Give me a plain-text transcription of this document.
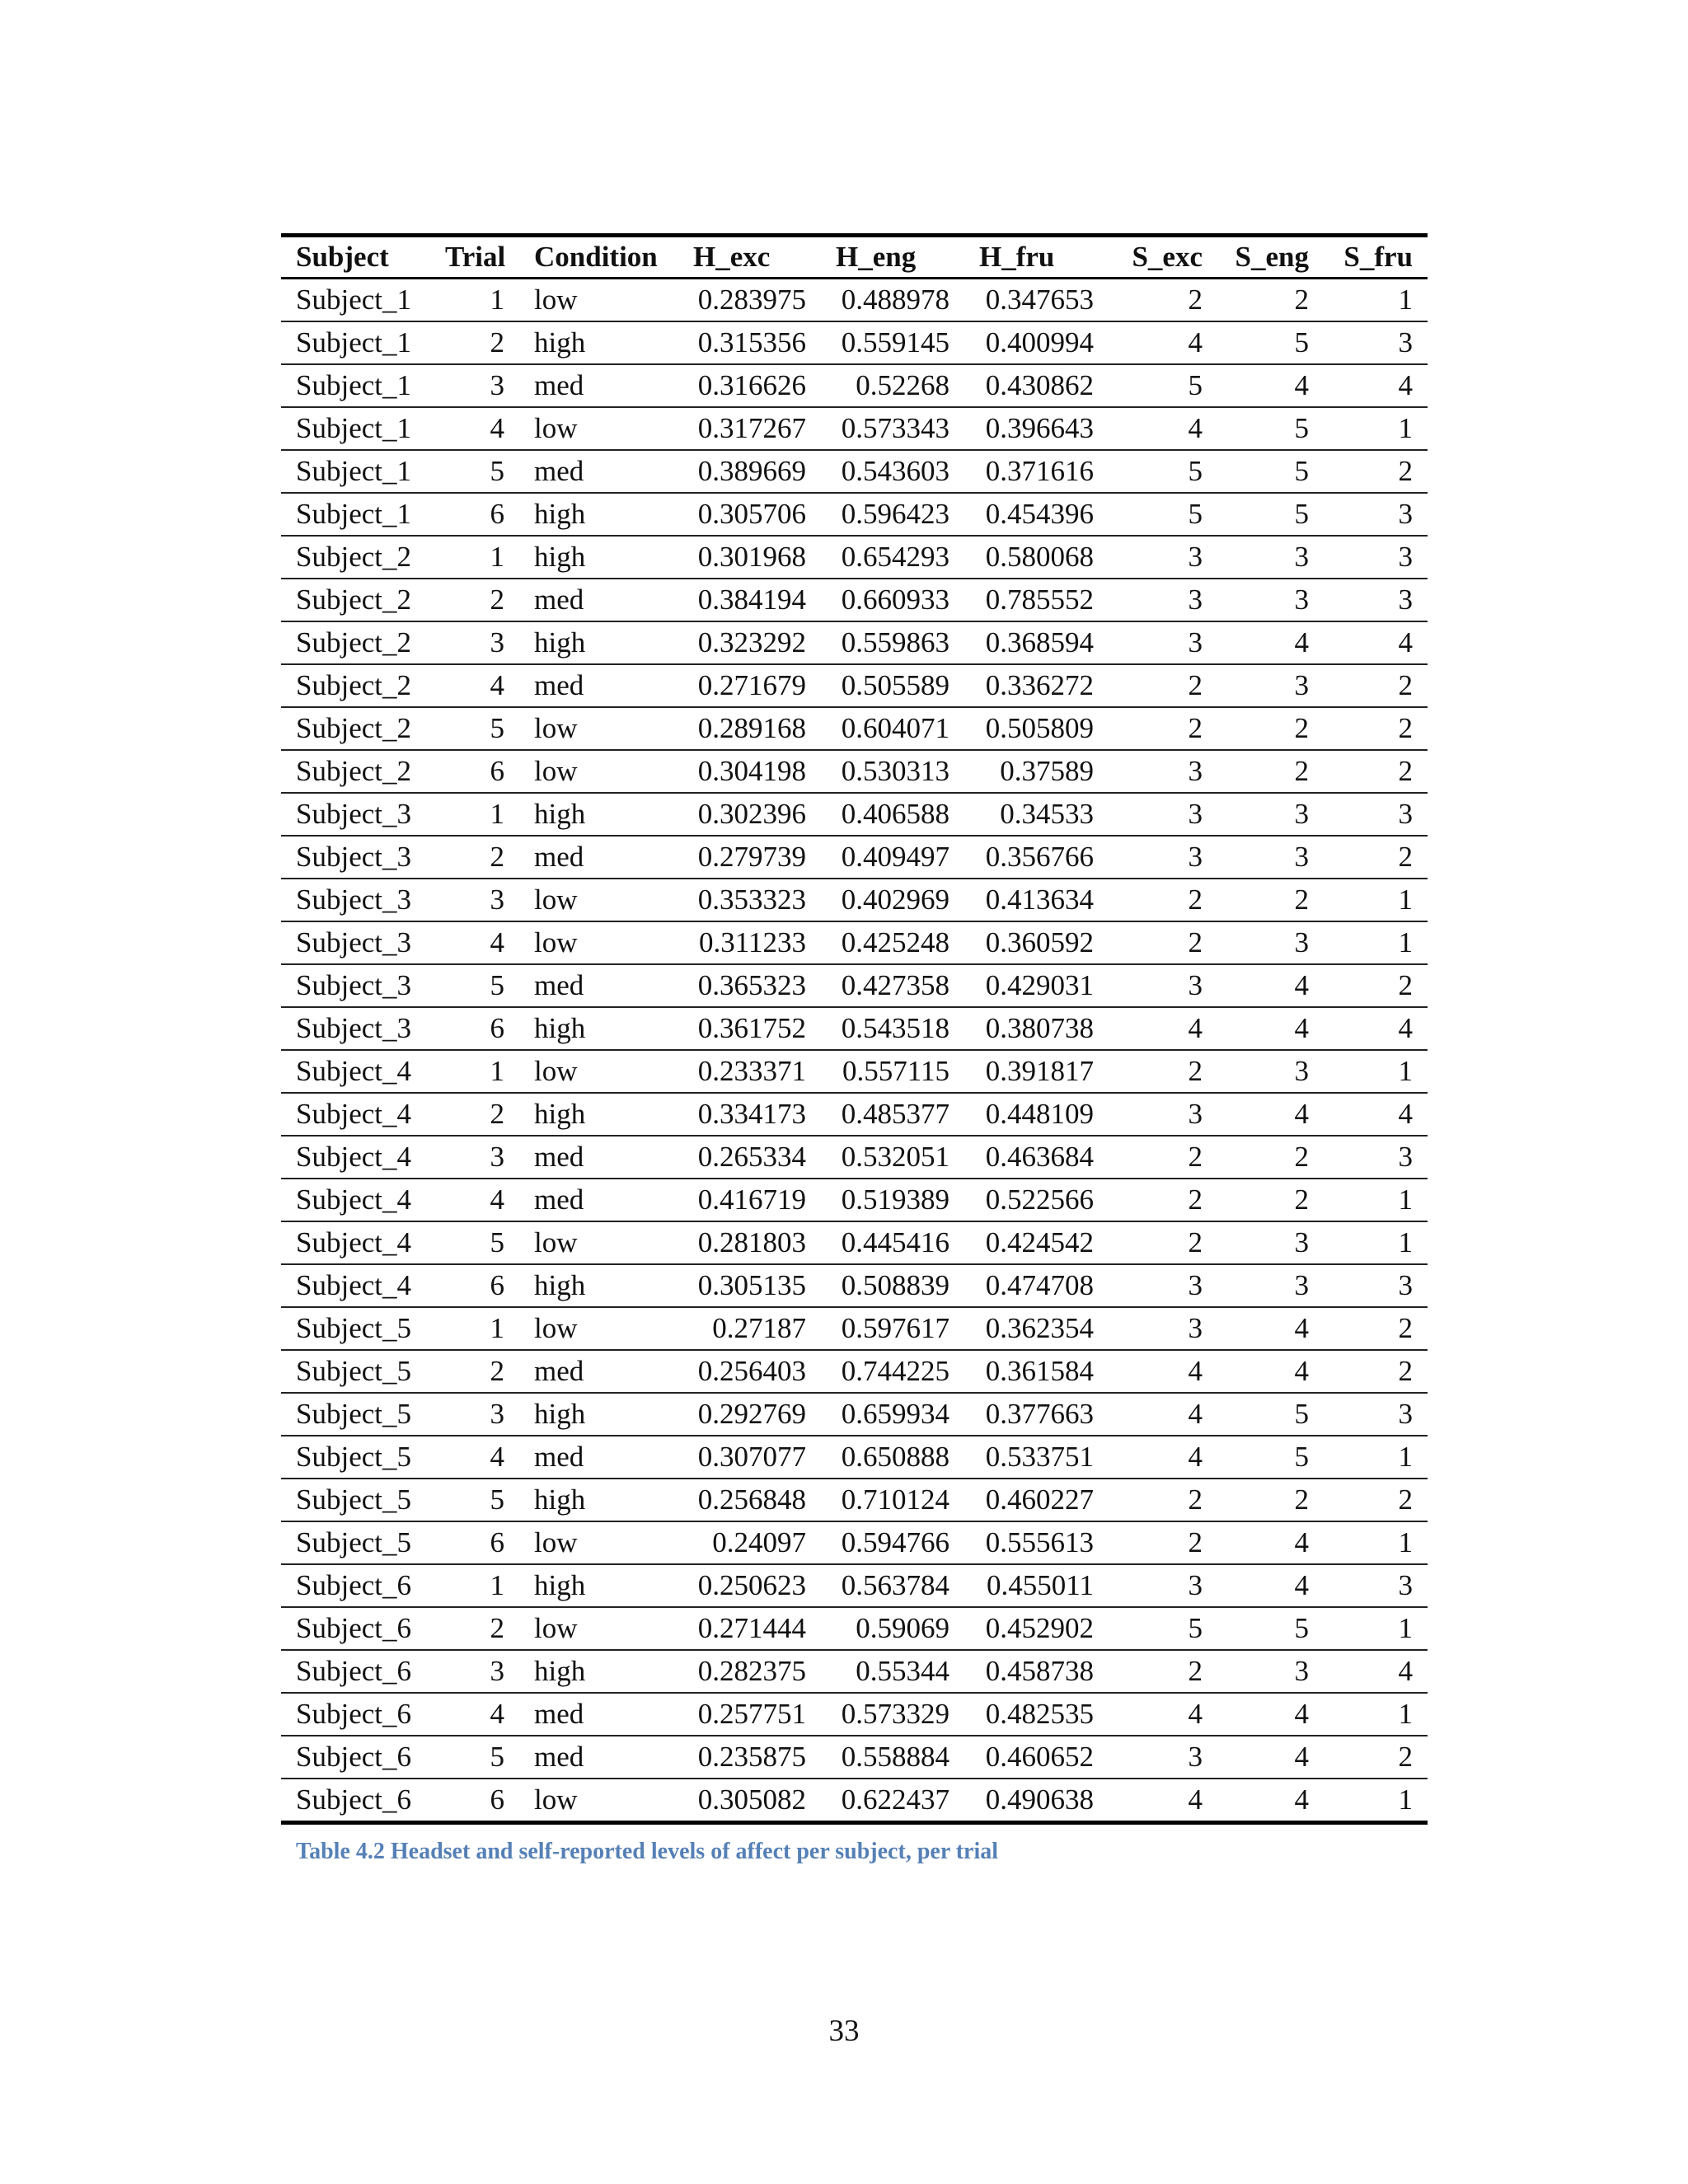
Subject	Trial	Condition	H_exc	H_eng	H_fru	S_exc	S_eng	S_fru
Subject_1	1	low	0.283975	0.488978	0.347653	2	2	1
Subject_1	2	high	0.315356	0.559145	0.400994	4	5	3
Subject_1	3	med	0.316626	0.52268	0.430862	5	4	4
Subject_1	4	low	0.317267	0.573343	0.396643	4	5	1
Subject_1	5	med	0.389669	0.543603	0.371616	5	5	2
Subject_1	6	high	0.305706	0.596423	0.454396	5	5	3
Subject_2	1	high	0.301968	0.654293	0.580068	3	3	3
Subject_2	2	med	0.384194	0.660933	0.785552	3	3	3
Subject_2	3	high	0.323292	0.559863	0.368594	3	4	4
Subject_2	4	med	0.271679	0.505589	0.336272	2	3	2
Subject_2	5	low	0.289168	0.604071	0.505809	2	2	2
Subject_2	6	low	0.304198	0.530313	0.37589	3	2	2
Subject_3	1	high	0.302396	0.406588	0.34533	3	3	3
Subject_3	2	med	0.279739	0.409497	0.356766	3	3	2
Subject_3	3	low	0.353323	0.402969	0.413634	2	2	1
Subject_3	4	low	0.311233	0.425248	0.360592	2	3	1
Subject_3	5	med	0.365323	0.427358	0.429031	3	4	2
Subject_3	6	high	0.361752	0.543518	0.380738	4	4	4
Subject_4	1	low	0.233371	0.557115	0.391817	2	3	1
Subject_4	2	high	0.334173	0.485377	0.448109	3	4	4
Subject_4	3	med	0.265334	0.532051	0.463684	2	2	3
Subject_4	4	med	0.416719	0.519389	0.522566	2	2	1
Subject_4	5	low	0.281803	0.445416	0.424542	2	3	1
Subject_4	6	high	0.305135	0.508839	0.474708	3	3	3
Subject_5	1	low	0.27187	0.597617	0.362354	3	4	2
Subject_5	2	med	0.256403	0.744225	0.361584	4	4	2
Subject_5	3	high	0.292769	0.659934	0.377663	4	5	3
Subject_5	4	med	0.307077	0.650888	0.533751	4	5	1
Subject_5	5	high	0.256848	0.710124	0.460227	2	2	2
Subject_5	6	low	0.24097	0.594766	0.555613	2	4	1
Subject_6	1	high	0.250623	0.563784	0.455011	3	4	3
Subject_6	2	low	0.271444	0.59069	0.452902	5	5	1
Subject_6	3	high	0.282375	0.55344	0.458738	2	3	4
Subject_6	4	med	0.257751	0.573329	0.482535	4	4	1
Subject_6	5	med	0.235875	0.558884	0.460652	3	4	2
Subject_6	6	low	0.305082	0.622437	0.490638	4	4	1
Table 4.2 Headset and self-reported levels of affect per subject, per trial
33
